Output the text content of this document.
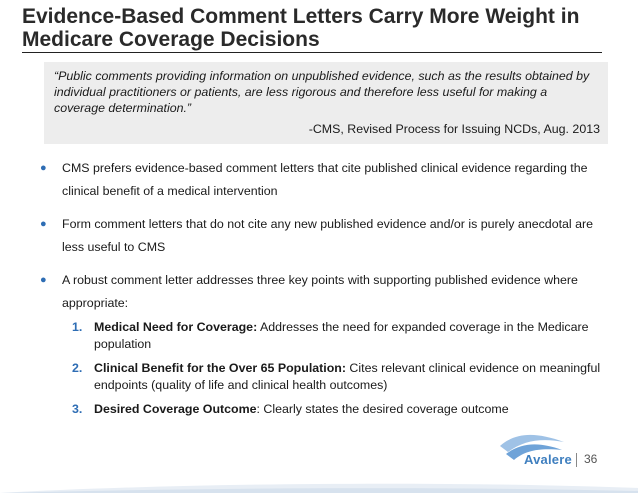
Evidence-Based Comment Letters Carry More Weight in
Medicare Coverage Decisions

“Public comments providing information on unpublished evidence, such as the results obtained by individual practitioners or patients, are less rigorous and therefore less useful for making a coverage determination.”

-CMS, Revised Process for Issuing NCDs, Aug. 2013
● CMS prefers evidence-based comment letters that cite published clinical evidence regarding the clinical benefit of a medical intervention
● Form comment letters that do not cite any new published evidence and/or is purely anecdotal are less useful to CMS
● A robust comment letter addresses three key points with supporting published evidence where appropriate:
1. Medical Need for Coverage: Addresses the need for expanded coverage in the Medicare population
2. Clinical Benefit for the Over 65 Population: Cites relevant clinical evidence on meaningful endpoints (quality of life and clinical health outcomes)
3. Desired Coverage Outcome: Clearly states the desired coverage outcome
Avalere 36
